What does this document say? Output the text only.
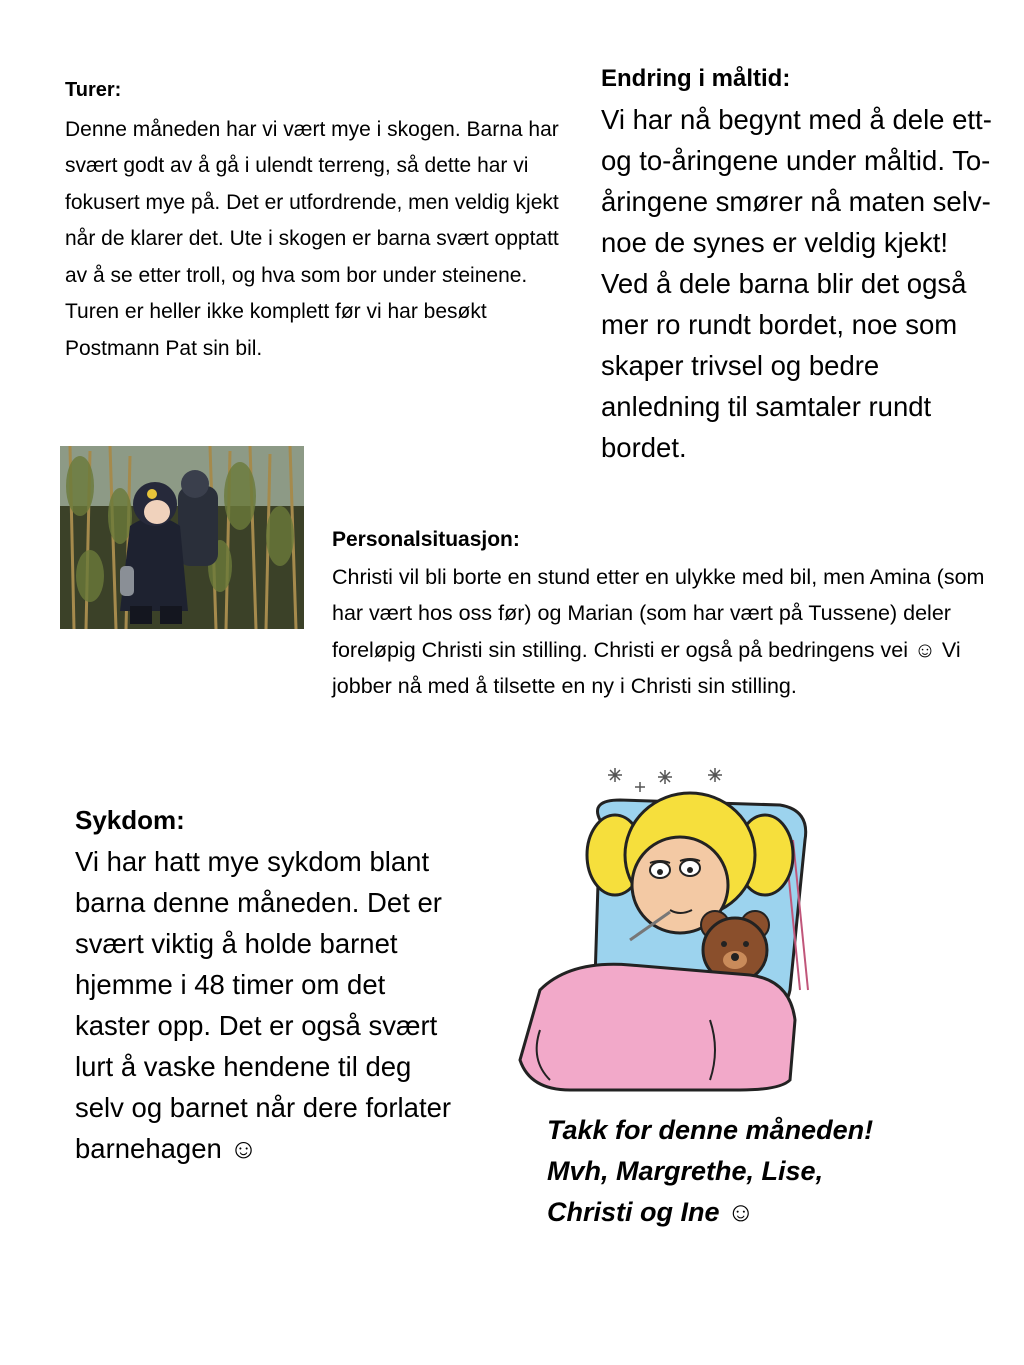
Turer:

Denne måneden har vi vært mye i skogen. Barna har svært godt av å gå i ulendt terreng, så dette har vi fokusert mye på. Det er utfordrende, men veldig kjekt når de klarer det. Ute i skogen er barna svært opptatt av å se etter troll, og hva som bor under steinene. Turen er heller ikke komplett før vi har besøkt Postmann Pat sin bil.

Endring i måltid:

Vi har nå begynt med å dele ett- og to-åringene under måltid. To-åringene smører nå maten selv- noe de synes er veldig kjekt! Ved å dele barna blir det også mer ro rundt bordet, noe som skaper trivsel og bedre anledning til samtaler rundt bordet.

Personalsituasjon:

Christi vil bli borte en stund etter en ulykke med bil, men Amina (som har vært hos oss før) og Marian (som har vært på Tussene) deler foreløpig Christi sin stilling. Christi er også på bedringens vei ☺ Vi jobber nå med å tilsette en ny i Christi sin stilling.

Sykdom:

Vi har hatt mye sykdom blant barna denne måneden. Det er svært viktig å holde barnet hjemme i 48 timer om det kaster opp. Det er også svært lurt å vaske hendene til deg selv og barnet når dere forlater barnehagen ☺

Takk for denne måneden!

Mvh, Margrethe, Lise,

Christi og Ine ☺
